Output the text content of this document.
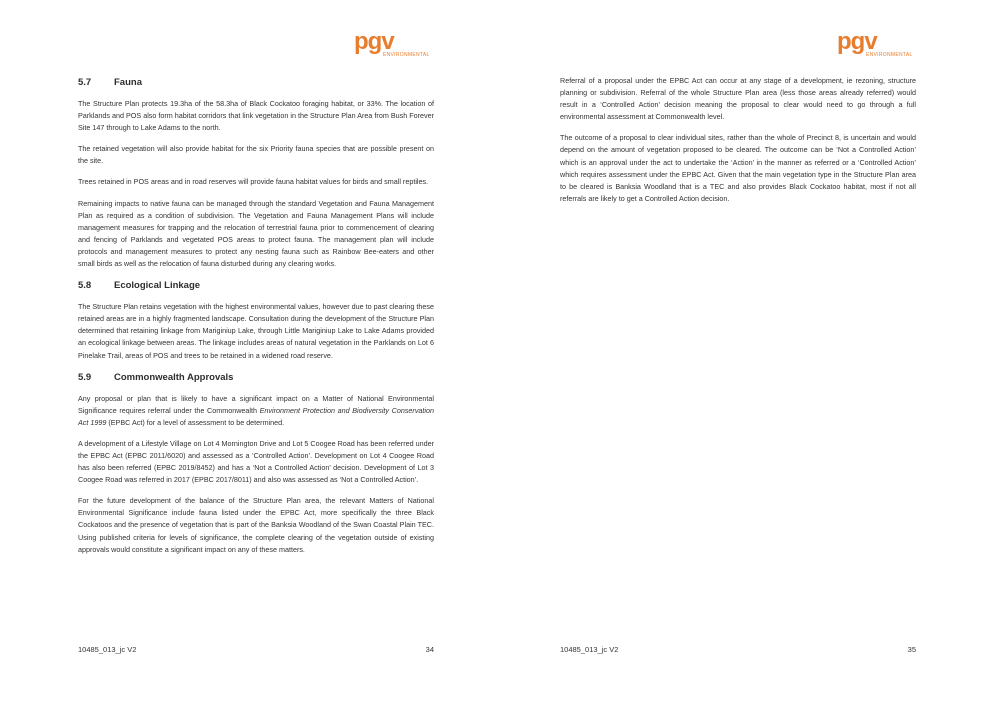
pgv
ENVIRONMENTAL
5.7	Fauna

The Structure Plan protects 19.3ha of the 58.3ha of Black Cockatoo foraging habitat, or 33%. The location of Parklands and POS also form habitat corridors that link vegetation in the Structure Plan Area from Bush Forever Site 147 through to Lake Adams to the north.

The retained vegetation will also provide habitat for the six Priority fauna species that are possible present on the site.

Trees retained in POS areas and in road reserves will provide fauna habitat values for birds and small reptiles.

Remaining impacts to native fauna can be managed through the standard Vegetation and Fauna Management Plan as required as a condition of subdivision. The Vegetation and Fauna Management Plans will include management measures for trapping and the relocation of terrestrial fauna prior to commencement of clearing and fencing of Parklands and vegetated POS areas to protect fauna. The management plan will include protocols and management measures to protect any nesting fauna such as Rainbow Bee-eaters and other small birds as well as the relocation of fauna disturbed during any clearing works.

5.8	Ecological Linkage

The Structure Plan retains vegetation with the highest environmental values, however due to past clearing these retained areas are in a highly fragmented landscape. Consultation during the development of the Structure Plan determined that retaining linkage from Mariginiup Lake, through Little Mariginiup Lake to Lake Adams provided an ecological linkage between areas. The linkage includes areas of natural vegetation in the Parklands on Lot 6 Pinelake Trail, areas of POS and trees to be retained in a widened road reserve.

5.9	Commonwealth Approvals

Any proposal or plan that is likely to have a significant impact on a Matter of National Environmental Significance requires referral under the Commonwealth Environment Protection and Biodiversity Conservation Act 1999 (EPBC Act) for a level of assessment to be determined.

A development of a Lifestyle Village on Lot 4 Mornington Drive and Lot 5 Coogee Road has been referred under the EPBC Act (EPBC 2011/6020) and assessed as a ‘Controlled Action’. Development on Lot 4 Coogee Road has also been referred (EPBC 2019/8452) and has a ‘Not a Controlled Action’ decision. Development of Lot 3 Coogee Road was referred in 2017 (EPBC 2017/8011) and also was assessed as ‘Not a Controlled Action’.

For the future development of the balance of the Structure Plan area, the relevant Matters of National Environmental Significance include fauna listed under the EPBC Act, more specifically the three Black Cockatoos and the presence of vegetation that is part of the Banksia Woodland of the Swan Coastal Plain TEC. Using published criteria for levels of significance, the complete clearing of the vegetation outside of existing approvals would constitute a significant impact on any of these matters.

10485_013_jc V2	34
pgv
ENVIRONMENTAL

Referral of a proposal under the EPBC Act can occur at any stage of a development, ie rezoning, structure planning or subdivision. Referral of the whole Structure Plan area (less those areas already referred) would result in a ‘Controlled Action’ decision meaning the proposal to clear would need to go through a full environmental assessment at Commonwealth level.

The outcome of a proposal to clear individual sites, rather than the whole of Precinct 8, is uncertain and would depend on the amount of vegetation proposed to be cleared. The outcome can be ‘Not a Controlled Action’ which is an approval under the act to undertake the ‘Action’ in the manner as referred or a ‘Controlled Action’ which requires assessment under the EPBC Act. Given that the main vegetation type in the Structure Plan area to be cleared is Banksia Woodland that is a TEC and also provides Black Cockatoo habitat, most if not all referrals are likely to get a Controlled Action decision.

10485_013_jc V2	35
